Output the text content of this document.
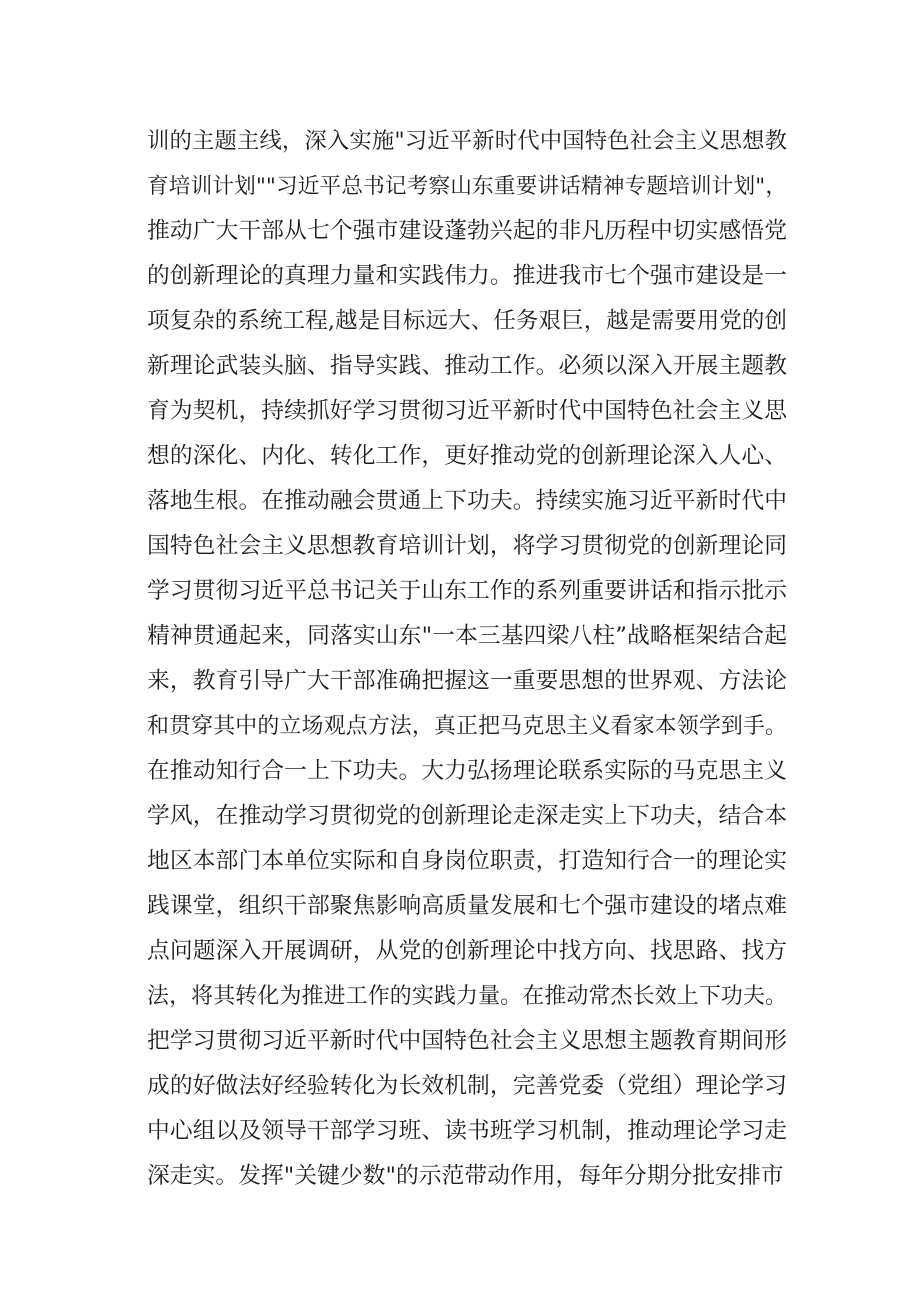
训的主题主线，深入实施"习近平新时代中国特色社会主义思想教
育培训计划""习近平总书记考察山东重要讲话精神专题培训计划"，
推动广大干部从七个强市建设蓬勃兴起的非凡历程中切实感悟党
的创新理论的真理力量和实践伟力。推进我市七个强市建设是一
项复杂的系统工程,越是目标远大、任务艰巨，越是需要用党的创
新理论武装头脑、指导实践、推动工作。必须以深入开展主题教
育为契机，持续抓好学习贯彻习近平新时代中国特色社会主义思
想的深化、内化、转化工作，更好推动党的创新理论深入人心、
落地生根。在推动融会贯通上下功夫。持续实施习近平新时代中
国特色社会主义思想教育培训计划，将学习贯彻党的创新理论同
学习贯彻习近平总书记关于山东工作的系列重要讲话和指示批示
精神贯通起来，同落实山东"一本三基四梁八柱”战略框架结合起
来，教育引导广大干部准确把握这一重要思想的世界观、方法论
和贯穿其中的立场观点方法，真正把马克思主义看家本领学到手。
在推动知行合一上下功夫。大力弘扬理论联系实际的马克思主义
学风，在推动学习贯彻党的创新理论走深走实上下功夫，结合本
地区本部门本单位实际和自身岗位职责，打造知行合一的理论实
践课堂，组织干部聚焦影响高质量发展和七个强市建设的堵点难
点问题深入开展调研，从党的创新理论中找方向、找思路、找方
法，将其转化为推进工作的实践力量。在推动常杰长效上下功夫。
把学习贯彻习近平新时代中国特色社会主义思想主题教育期间形
成的好做法好经验转化为长效机制，完善党委（党组）理论学习
中心组以及领导干部学习班、读书班学习机制，推动理论学习走
深走实。发挥"关键少数"的示范带动作用，每年分期分批安排市
